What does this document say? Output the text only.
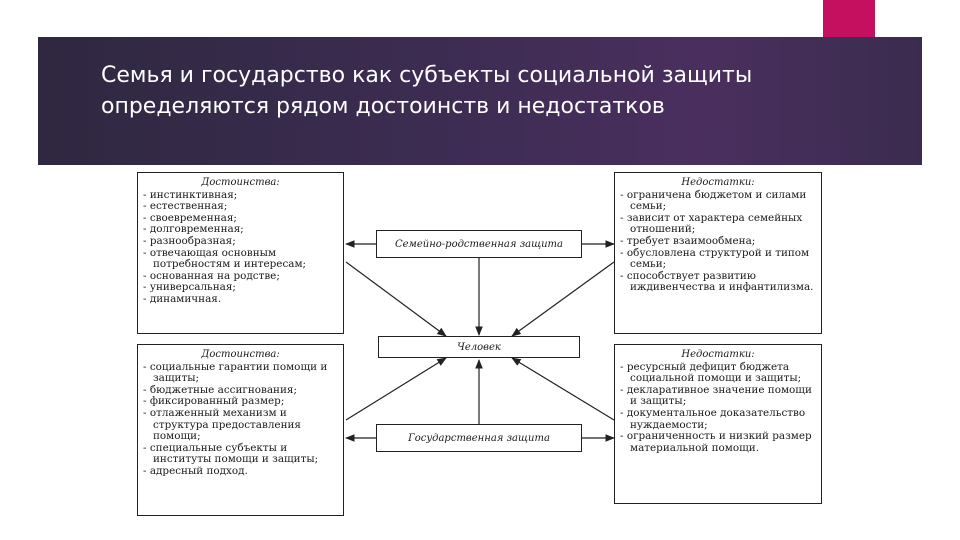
Семья и государство как субъекты социальной защиты определяются рядом достоинств и недостатков
Достоинства:
- инстинктивная;
- естественная;
- своевременная;
- долговременная;
- разнообразная;
- отвечающая основным потребностям и интересам;
- основанная на родстве;
- универсальная;
- динамичная.
Недостатки:
- ограничена бюджетом и силами семьи;
- зависит от характера семейных отношений;
- требует взаимообмена;
- обусловлена структурой и типом семьи;
- способствует развитию иждивенчества и инфантилизма.
Достоинства:
- социальные гарантии помощи и защиты;
- бюджетные ассигнования;
- фиксированный размер;
- отлаженный механизм и структура предоставления помощи;
- специальные субъекты и институты помощи и защиты;
- адресный подход.
Недостатки:
- ресурсный дефицит бюджета социальной помощи и защиты;
- декларативное значение помощи и защиты;
- документальное доказательство нуждаемости;
- ограниченность и низкий размер материальной помощи.
Семейно-родственная защита
Человек
Государственная защита
